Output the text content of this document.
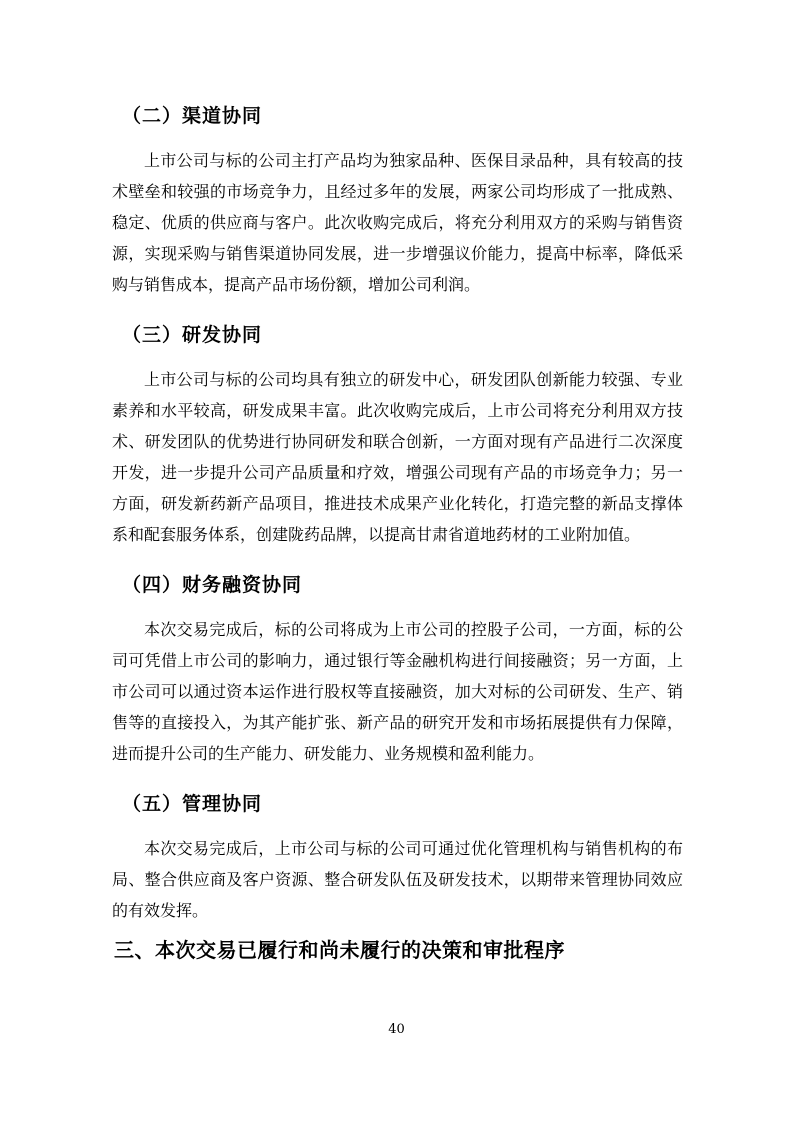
（二）渠道协同

上市公司与标的公司主打产品均为独家品种、医保目录品种，具有较高的技术壁垒和较强的市场竞争力，且经过多年的发展，两家公司均形成了一批成熟、稳定、优质的供应商与客户。此次收购完成后，将充分利用双方的采购与销售资源，实现采购与销售渠道协同发展，进一步增强议价能力，提高中标率，降低采购与销售成本，提高产品市场份额，增加公司利润。

（三）研发协同

上市公司与标的公司均具有独立的研发中心，研发团队创新能力较强、专业素养和水平较高，研发成果丰富。此次收购完成后，上市公司将充分利用双方技术、研发团队的优势进行协同研发和联合创新，一方面对现有产品进行二次深度开发，进一步提升公司产品质量和疗效，增强公司现有产品的市场竞争力；另一方面，研发新药新产品项目，推进技术成果产业化转化，打造完整的新品支撑体系和配套服务体系，创建陇药品牌，以提高甘肃省道地药材的工业附加值。

（四）财务融资协同

本次交易完成后，标的公司将成为上市公司的控股子公司，一方面，标的公司可凭借上市公司的影响力，通过银行等金融机构进行间接融资；另一方面，上市公司可以通过资本运作进行股权等直接融资，加大对标的公司研发、生产、销售等的直接投入，为其产能扩张、新产品的研究开发和市场拓展提供有力保障，进而提升公司的生产能力、研发能力、业务规模和盈利能力。

（五）管理协同

本次交易完成后，上市公司与标的公司可通过优化管理机构与销售机构的布局、整合供应商及客户资源、整合研发队伍及研发技术，以期带来管理协同效应的有效发挥。

三、本次交易已履行和尚未履行的决策和审批程序
40
